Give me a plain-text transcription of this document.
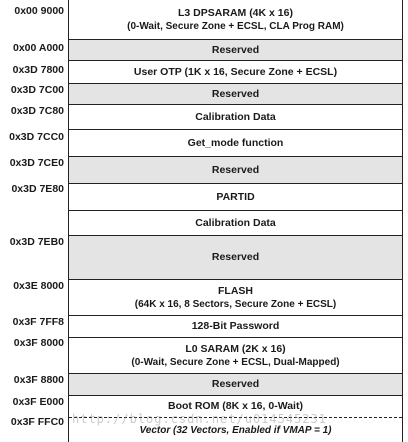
0x00 9000
0x00 A000
0x3D 7800
0x3D 7C00
0x3D 7C80
0x3D 7CC0
0x3D 7CE0
0x3D 7E80
0x3D 7EB0
0x3E 8000
0x3F 7FF8
0x3F 8000
0x3F 8800
0x3F E000
0x3F FFC0
L3 DPSARAM (4K x 16)
(0-Wait, Secure Zone + ECSL, CLA Prog RAM)
Reserved
User OTP (1K x 16, Secure Zone + ECSL)
Reserved
Calibration Data
Get_mode function
Reserved
PARTID
Calibration Data
Reserved
FLASH
(64K x 16, 8 Sectors, Secure Zone + ECSL)
128-Bit Password
L0 SARAM (2K x 16)
(0-Wait, Secure Zone + ECSL, Dual-Mapped)
Reserved
Boot ROM (8K x 16, 0-Wait)
Vector (32 Vectors, Enabled if VMAP = 1)
http://blog.csdn.net/u014545231
